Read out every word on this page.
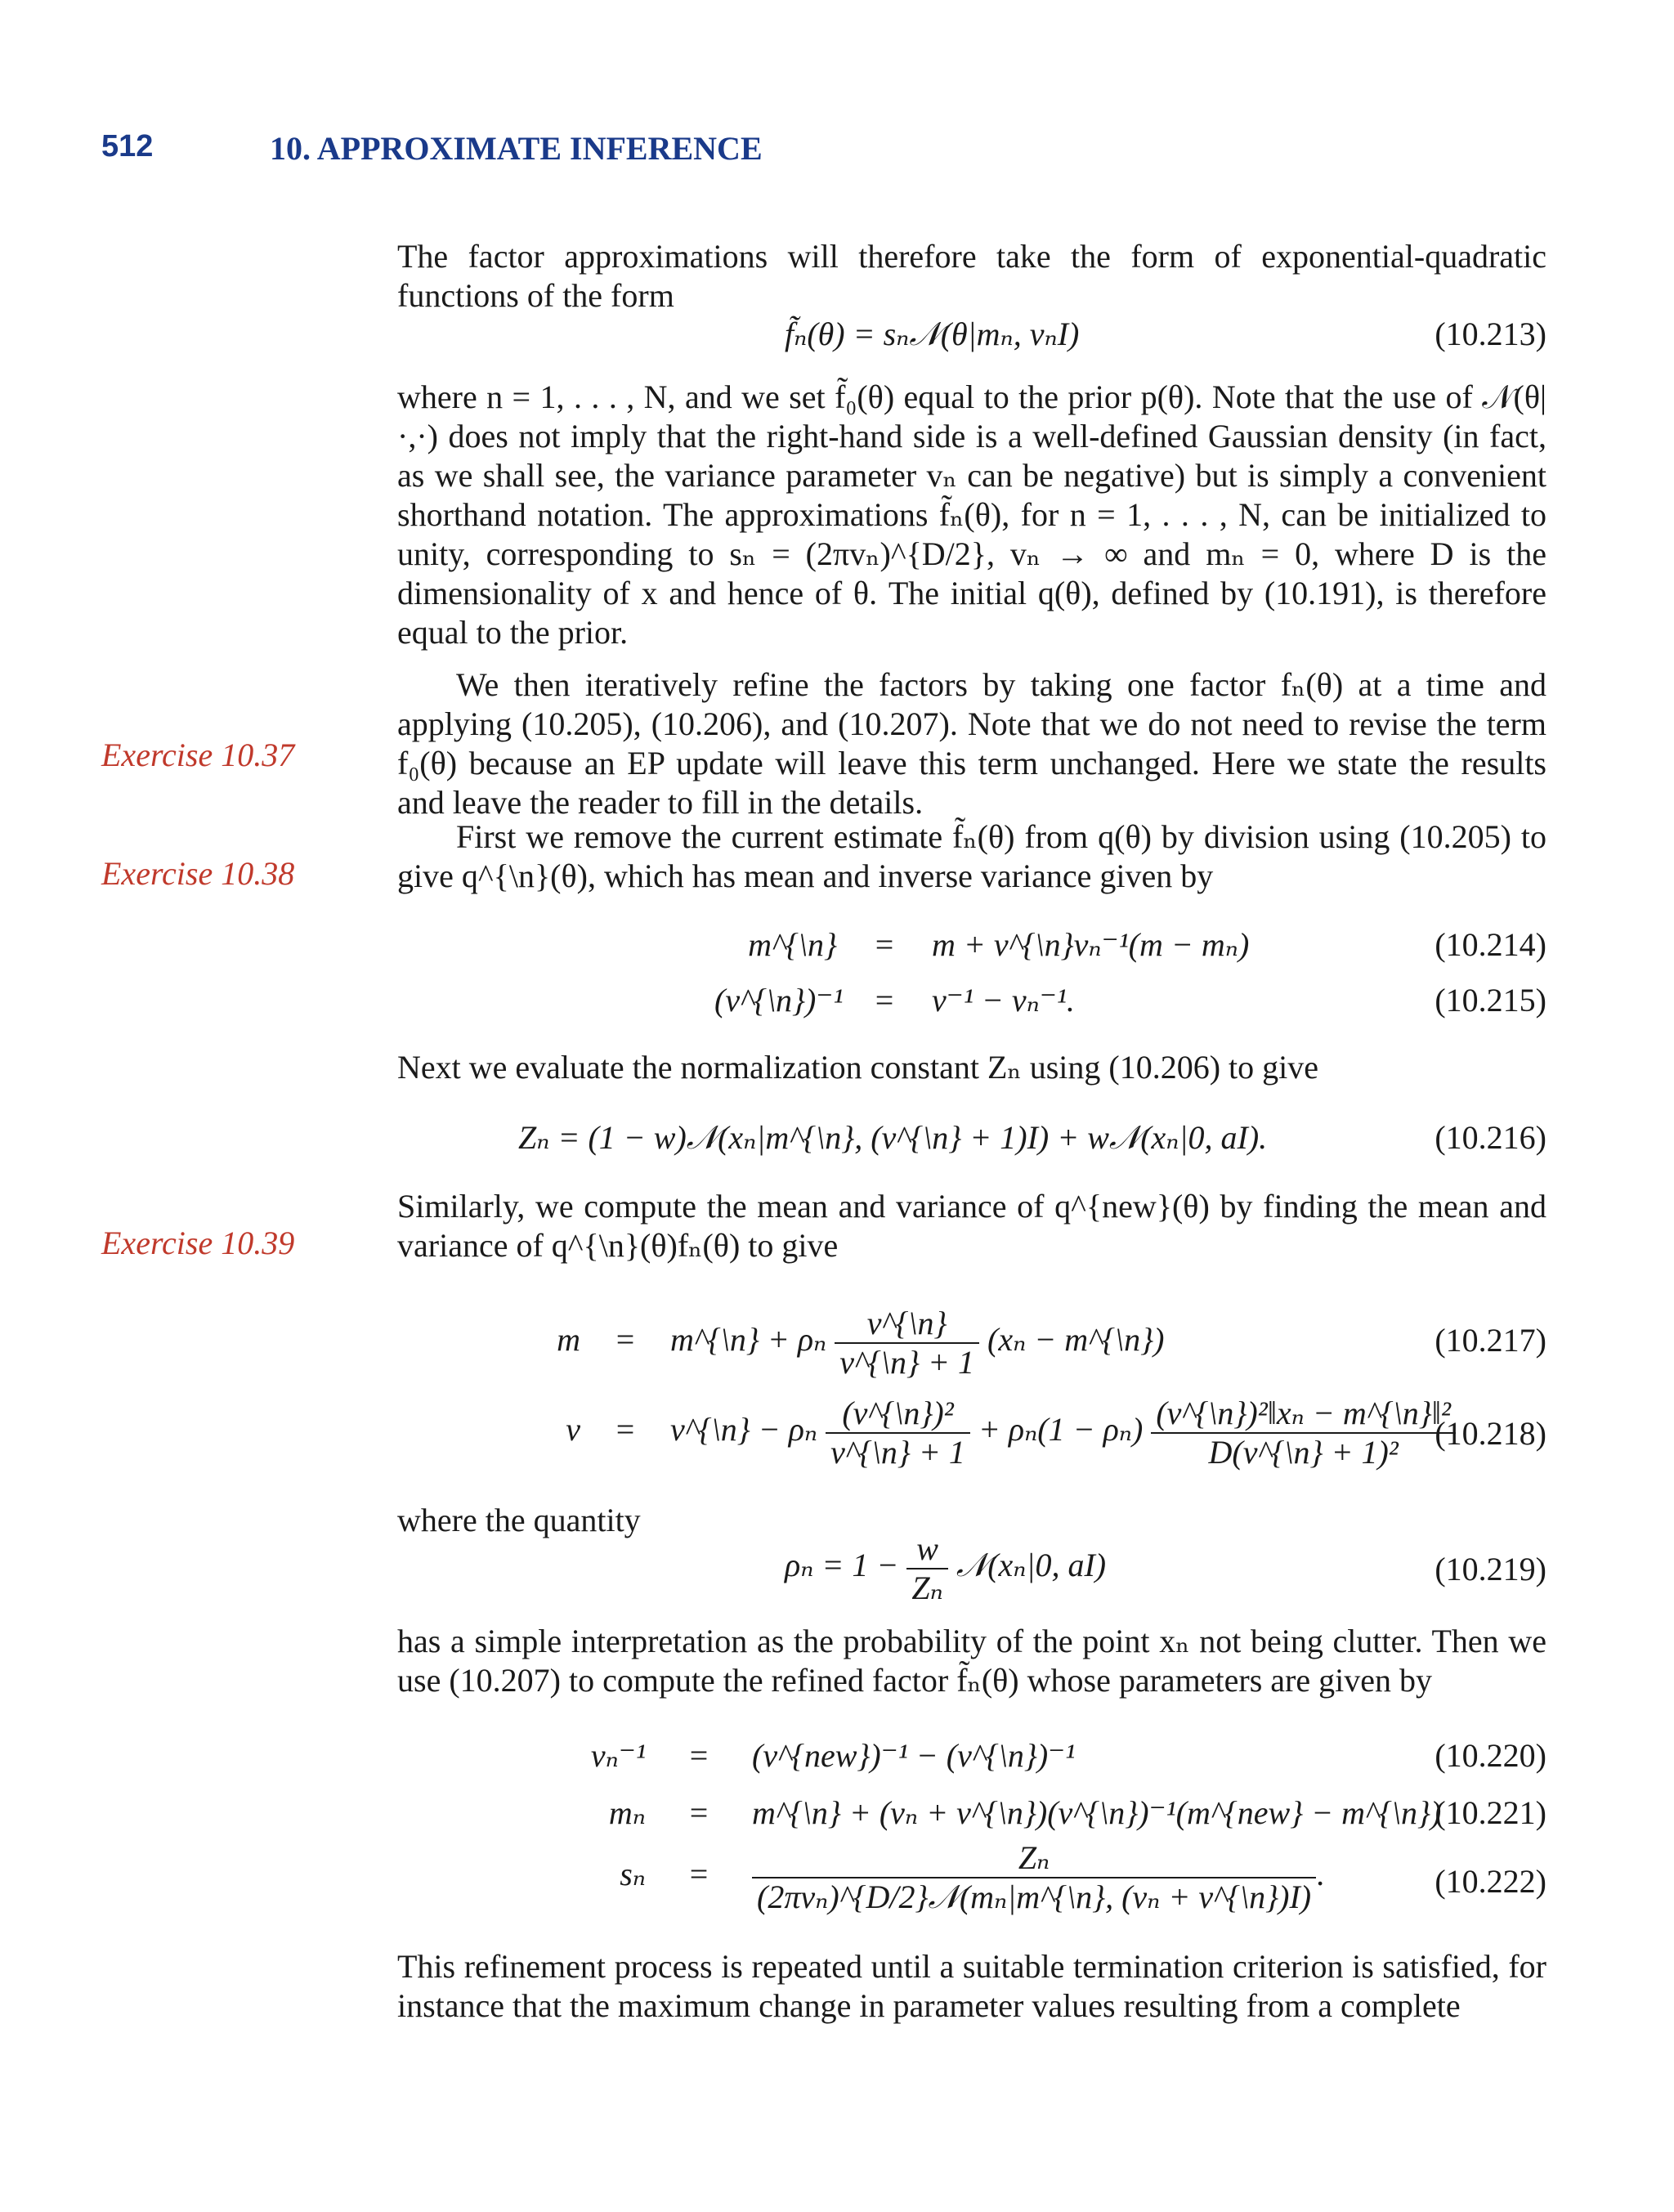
512	10. APPROXIMATE INFERENCE
Exercise 10.37
Exercise 10.38
Exercise 10.39

The factor approximations will therefore take the form of exponential-quadratic functions of the form

f̃ₙ(θ) = sₙ𝒩(θ|mₙ, vₙI)	(10.213)

where n = 1, . . . , N, and we set f̃₀(θ) equal to the prior p(θ). Note that the use of 𝒩(θ|·,·) does not imply that the right-hand side is a well-defined Gaussian density (in fact, as we shall see, the variance parameter vₙ can be negative) but is simply a convenient shorthand notation. The approximations f̃ₙ(θ), for n = 1, . . . , N, can be initialized to unity, corresponding to sₙ = (2πvₙ)^{D/2}, vₙ → ∞ and mₙ = 0, where D is the dimensionality of x and hence of θ. The initial q(θ), defined by (10.191), is therefore equal to the prior.

We then iteratively refine the factors by taking one factor fₙ(θ) at a time and applying (10.205), (10.206), and (10.207). Note that we do not need to revise the term f₀(θ) because an EP update will leave this term unchanged. Here we state the results and leave the reader to fill in the details.

First we remove the current estimate f̃ₙ(θ) from q(θ) by division using (10.205) to give q^{\n}(θ), which has mean and inverse variance given by

m^{\n} = m + v^{\n}vₙ⁻¹(m − mₙ)	(10.214)
(v^{\n})⁻¹ = v⁻¹ − vₙ⁻¹.	(10.215)

Next we evaluate the normalization constant Zₙ using (10.206) to give

Zₙ = (1 − w)𝒩(xₙ|m^{\n}, (v^{\n} + 1)I) + w𝒩(xₙ|0, aI).	(10.216)

Similarly, we compute the mean and variance of q^{new}(θ) by finding the mean and variance of q^{\n}(θ)fₙ(θ) to give

m = m^{\n} + ρₙ $\frac{v\^{}\{\backslash n\}}{v\^{}\{\backslash n\} + 1} (x_n$ − m^{\n})	(10.217)
v = v^{\n} − ρₙ $\frac{\text{(v\textasciicircum{}\{\textbackslash{}n\})²}}{v\^{}\{\backslash n\} + 1} + \rho_n(1 - \rho_n) \frac{\text{(v\textasciicircum{}\{\textbackslash{}n\})²‖xₙ − m\textasciicircum{}\{\textbackslash{}n\}‖²}}{\text{D(v\textasciicircum{}\{\textbackslash{}n\} + 1)²}}$
(10.218)

where the quantity

$\rho_n = 1 - \frac{w}{\text{Zₙ}}$ 𝒩(xₙ|0, aI)	(10.219)

has a simple interpretation as the probability of the point xₙ not being clutter. Then we use (10.207) to compute the refined factor f̃ₙ(θ) whose parameters are given by

vₙ⁻¹ = (v^{new})⁻¹ − (v^{\n})⁻¹	(10.220)
mₙ = m^{\n} + (vₙ + v^{\n})(v^{\n})⁻¹(m^{new} − m^{\n})
(10.221)
$s_n = \frac{\text{Zₙ}}{\text{(2πvₙ)\textasciicircum{}\{D/2\}𝒩(mₙ|m\textasciicircum{}\{\textbackslash{}n\}, (vₙ + v\textasciicircum{}\{\textbackslash{}n\})I)}}$ .	(10.222)

This refinement process is repeated until a suitable termination criterion is satisfied, for instance that the maximum change in parameter values resulting from a complete
